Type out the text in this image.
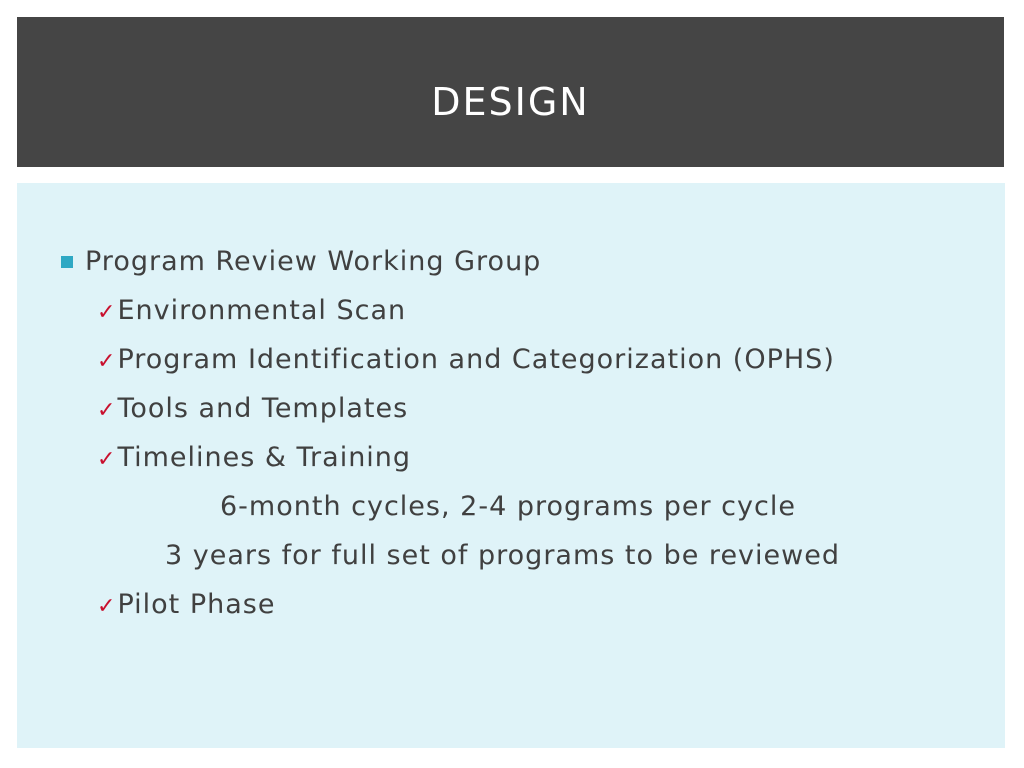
DESIGN
Program Review Working Group
✓Environmental Scan
✓Program Identification and Categorization (OPHS)
✓Tools and Templates
✓Timelines & Training
6-month cycles, 2-4 programs per cycle
3 years for full set of programs to be reviewed
✓Pilot Phase
